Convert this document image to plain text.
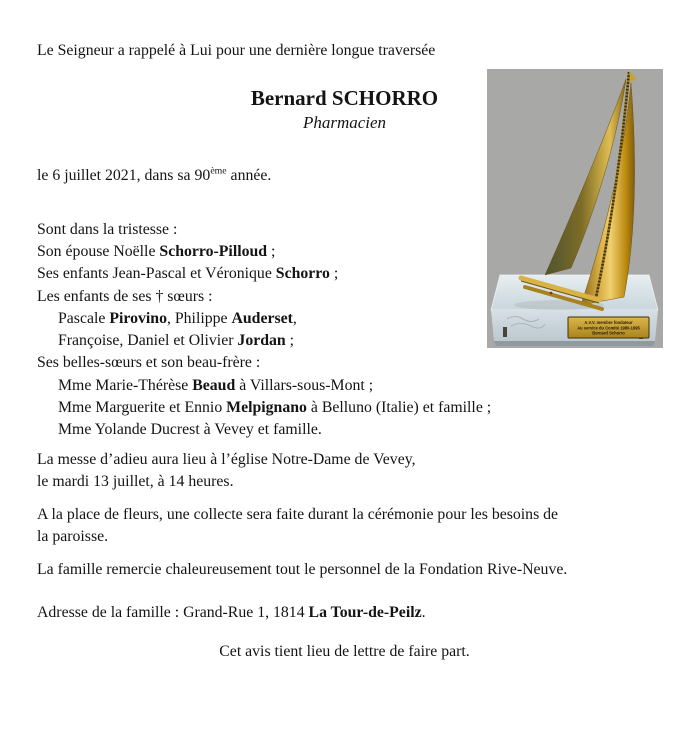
Le Seigneur a rappelé à Lui pour une dernière longue traversée
Bernard SCHORRO
Pharmacien
le 6 juillet 2021, dans sa 90ème année.
Sont dans la tristesse :
Son épouse Noëlle Schorro-Pilloud ;
Ses enfants Jean-Pascal et Véronique Schorro ;
Les enfants de ses † sœurs :
Pascale Pirovino, Philippe Auderset,
Françoise, Daniel et Olivier Jordan ;
Ses belles-sœurs et son beau-frère :
Mme Marie-Thérèse Beaud à Villars-sous-Mont ;
Mme Marguerite et Ennio Melpignano à Belluno (Italie) et famille ;
Mme Yolande Ducrest à Vevey et famille.
La messe d’adieu aura lieu à l’église Notre-Dame de Vevey,
le mardi 13 juillet, à 14 heures.
A la place de fleurs, une collecte sera faite durant la cérémonie pour les besoins de
la paroisse.
La famille remercie chaleureusement tout le personnel de la Fondation Rive-Neuve.
Adresse de la famille : Grand-Rue 1, 1814 La Tour-de-Peilz.
Cet avis tient lieu de lettre de faire part.
A.V.V. membre fondateur
Au service du Comité 1980-1995
Bernard Schorro
